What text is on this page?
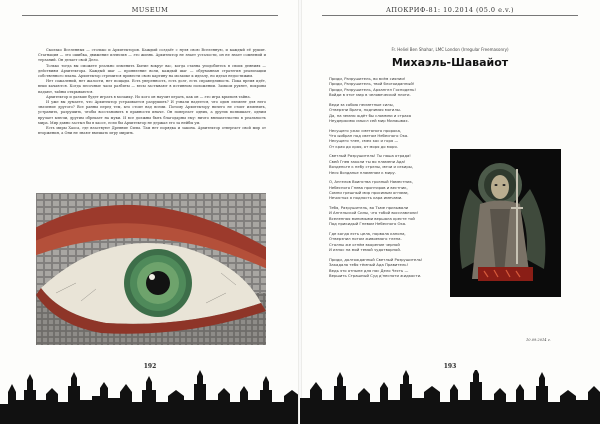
MUSEUM

Сколько Вселенных — столько и Архитекторов. Каждый создаёт с нуля свою Вселенную, и каждый её рушит. Стагнация — это ошибка, движение иллюзия — это жизнь. Архитектор не знает усталости, он не знает сомнений и терзаний. Он делает свой Дело.

Только тогда вы сможете реально изменить Бытие вокруг вас, когда станна уподобитесь в своих деяниях — действиям Архитектора. Каждый шаг — проявление воли, каждый шаг — обдуманная стратегия реализации собственного плана. Архитектор стремится привести свою картину на мозаике к идеалу, но идеал недостижим.

Нет сожалений, нет жалости, нет пощады. Есть уверенность, есть долг, есть справедливость. Пока время идёт, веки качаются. Когда песочные часы разбиты — весы застывают в истинном положении. Замком рухнет, покровы падают, тайны открываются.

Архитектор и дальше будет играть в мозаику. Но кого он научит играть, как он — это игра крыльев тайна.

И уже вы думаете, что Архитектор устраивается разрушить? И узнали надеется, что один элемент для него значение другого? Все ранны перед тем, кто стоит над всеми. Потому Архитектору ничего не стоит изменить, устранить, разрушить, чтобы восстановить в правности иначе. Он повергает одних, а других возвышает, одним вручает ключи, другим обрекает на муки. И все должны быть благодарны ему: ничто внешательство в реальность мира. Мир давно застыл бы в хаосе, если бы Архитектор не держал его за нейбы ум.

Есть миры Хаоса, где властвуют Древние Силы. Там нет порядка и закона. Архитектор отвергает свой мир от вторжения, а Они не знают вмешать игру мирить.

192
АПОКРИФ-81: 10.2014 (05.0 e.v.)
Fr. Heliel Ben Shahar, LMC London (Irregular Freemasonry)
Михаэль-Шавайот
Приди, Разрушитель, во всём сиянии!
Приди, Разрушитель, твой блогоиданный!
Приди, Разрушитель, Архангел Господень!
Войди в этот мир в человеческий плоти.
Веди за собою несметные силы,
Отверзни Врата, поднимая могилы.
Да, на землю ждёт бы сломмни и страха
Неудержимо смысл сей мир Милашвах.
Несущего ужас сметаного пророка,
Что ыобран под светом Небесного Ока.
Несущего тлен, смех кос и горя —
От края до края, от моря до моря.
Светлый Разрушитель! Ты наша отрада!
Свей Гнев заколи ты во пламени Ада!
Возденьте к небу стрелы, мечи и секиры,
Неся Возданье пламенам к миру.
О, Ангелов Воинства грозный Наместник,
Небесного Гнева пронтиров и вестник,
Сомни грешный мир просимым огнями,
Нечистых я подлость кара имечами.
Тебя, Разрушитель, во Тьме призывали
И Ангельской Силы, что тобой восславляли!
Вселенная минимыми вершала кресте той
Под прикидый Гневом Небесного Ока.
Где когда есть цела, порвала канона,
Отверзнил потом живоемого тлена.
Столпы же огнём вкорение черной
И износ на мой темой чудотворной.
Приди, долгожданный Светлый Разрушитель!
Закадала тебя тёмный Ада Правитель!
Ведь это отныне для нас Дело Честь —
Вершить Страшный Суд д'неспоти жидкости.
10.09.2014 г.
193
